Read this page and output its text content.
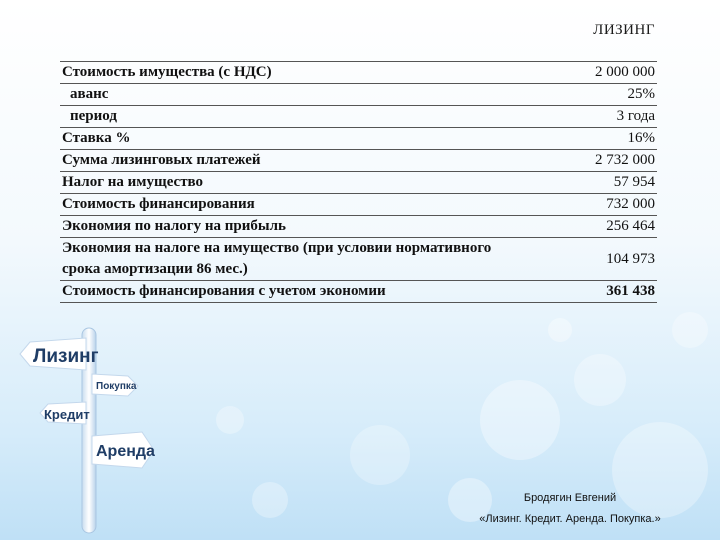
ЛИЗИНГ
Стоимость имущества (с НДС)	2 000 000
аванс	25%
период	3 года
Ставка %	16%
Сумма лизинговых платежей	2 732 000
Налог на имущество	57 954
Стоимость финансирования	732 000
Экономия по налогу на прибыль	256 464
Экономия на налоге на имущество (при условии нормативного срока амортизации 86 мес.)	104 973
Стоимость финансирования с учетом экономии	361 438
Лизинг
Покупка
Кредит
Аренда
Бродягин Евгений
«Лизинг. Кредит. Аренда. Покупка.»
